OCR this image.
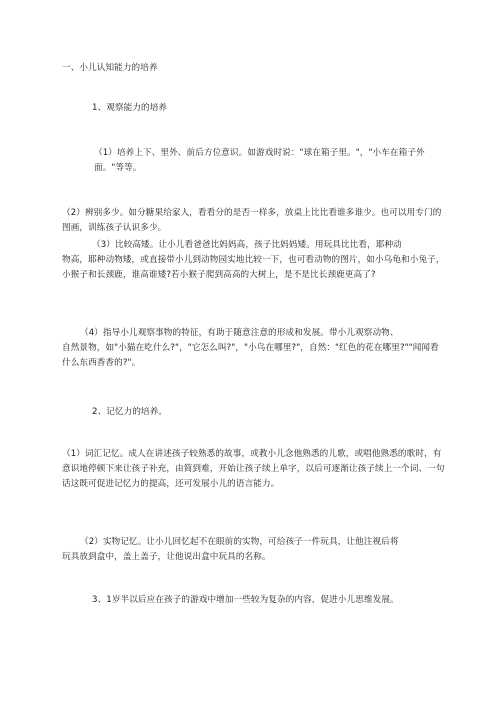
一、小儿认知能力的培养

1、观察能力的培养

（1）培养上下、里外、前后方位意识。如游戏时说："球在箱子里。"，"小车在箱子外面。"等等。

（2）辨别多少。如分糖果给家人，看看分的是否一样多，放桌上比比看谁多谁少。也可以用专门的图画，训练孩子认识多少。

（3）比较高矮。让小儿看爸爸比妈妈高，孩子比妈妈矮。用玩具比比看，耶种动

物高，耶种动物矮，或直接带小儿到动物园实地比较一下，也可看动物的图片，如小乌龟和小兔子，小猴子和长颈鹿，谁高谁矮?若小猴子爬到高高的大树上，是不是比长颈鹿更高了?

（4）指导小儿观察事物的特征，有助于随意注意的形成和发展。带小儿观察动物、

自然景物，如"小猫在吃什么?"，"它怎么叫?"，"小鸟在哪里?"，自然："红色的花在哪里?""闻闻看什么东西香香的?"。

2、记忆力的培养。

（1）词汇记忆。成人在讲述孩子较熟悉的故事，或教小儿念他熟悉的儿歌，或唱他熟悉的歌时，有意识地停顿下来让孩子补充，由简到难，开始让孩子续上单字，以后可逐渐让孩子续上一个词、一句话这既可促进记忆力的提高，还可发展小儿的语言能力。

（2）实物记忆。让小儿回忆起不在眼前的实物，可给孩子一件玩具，让他注视后将

玩具放到盒中，盖上盖子，让他说出盒中玩具的名称。

3、1岁半以后应在孩子的游戏中增加一些较为复杂的内容，促进小儿思维发展。
